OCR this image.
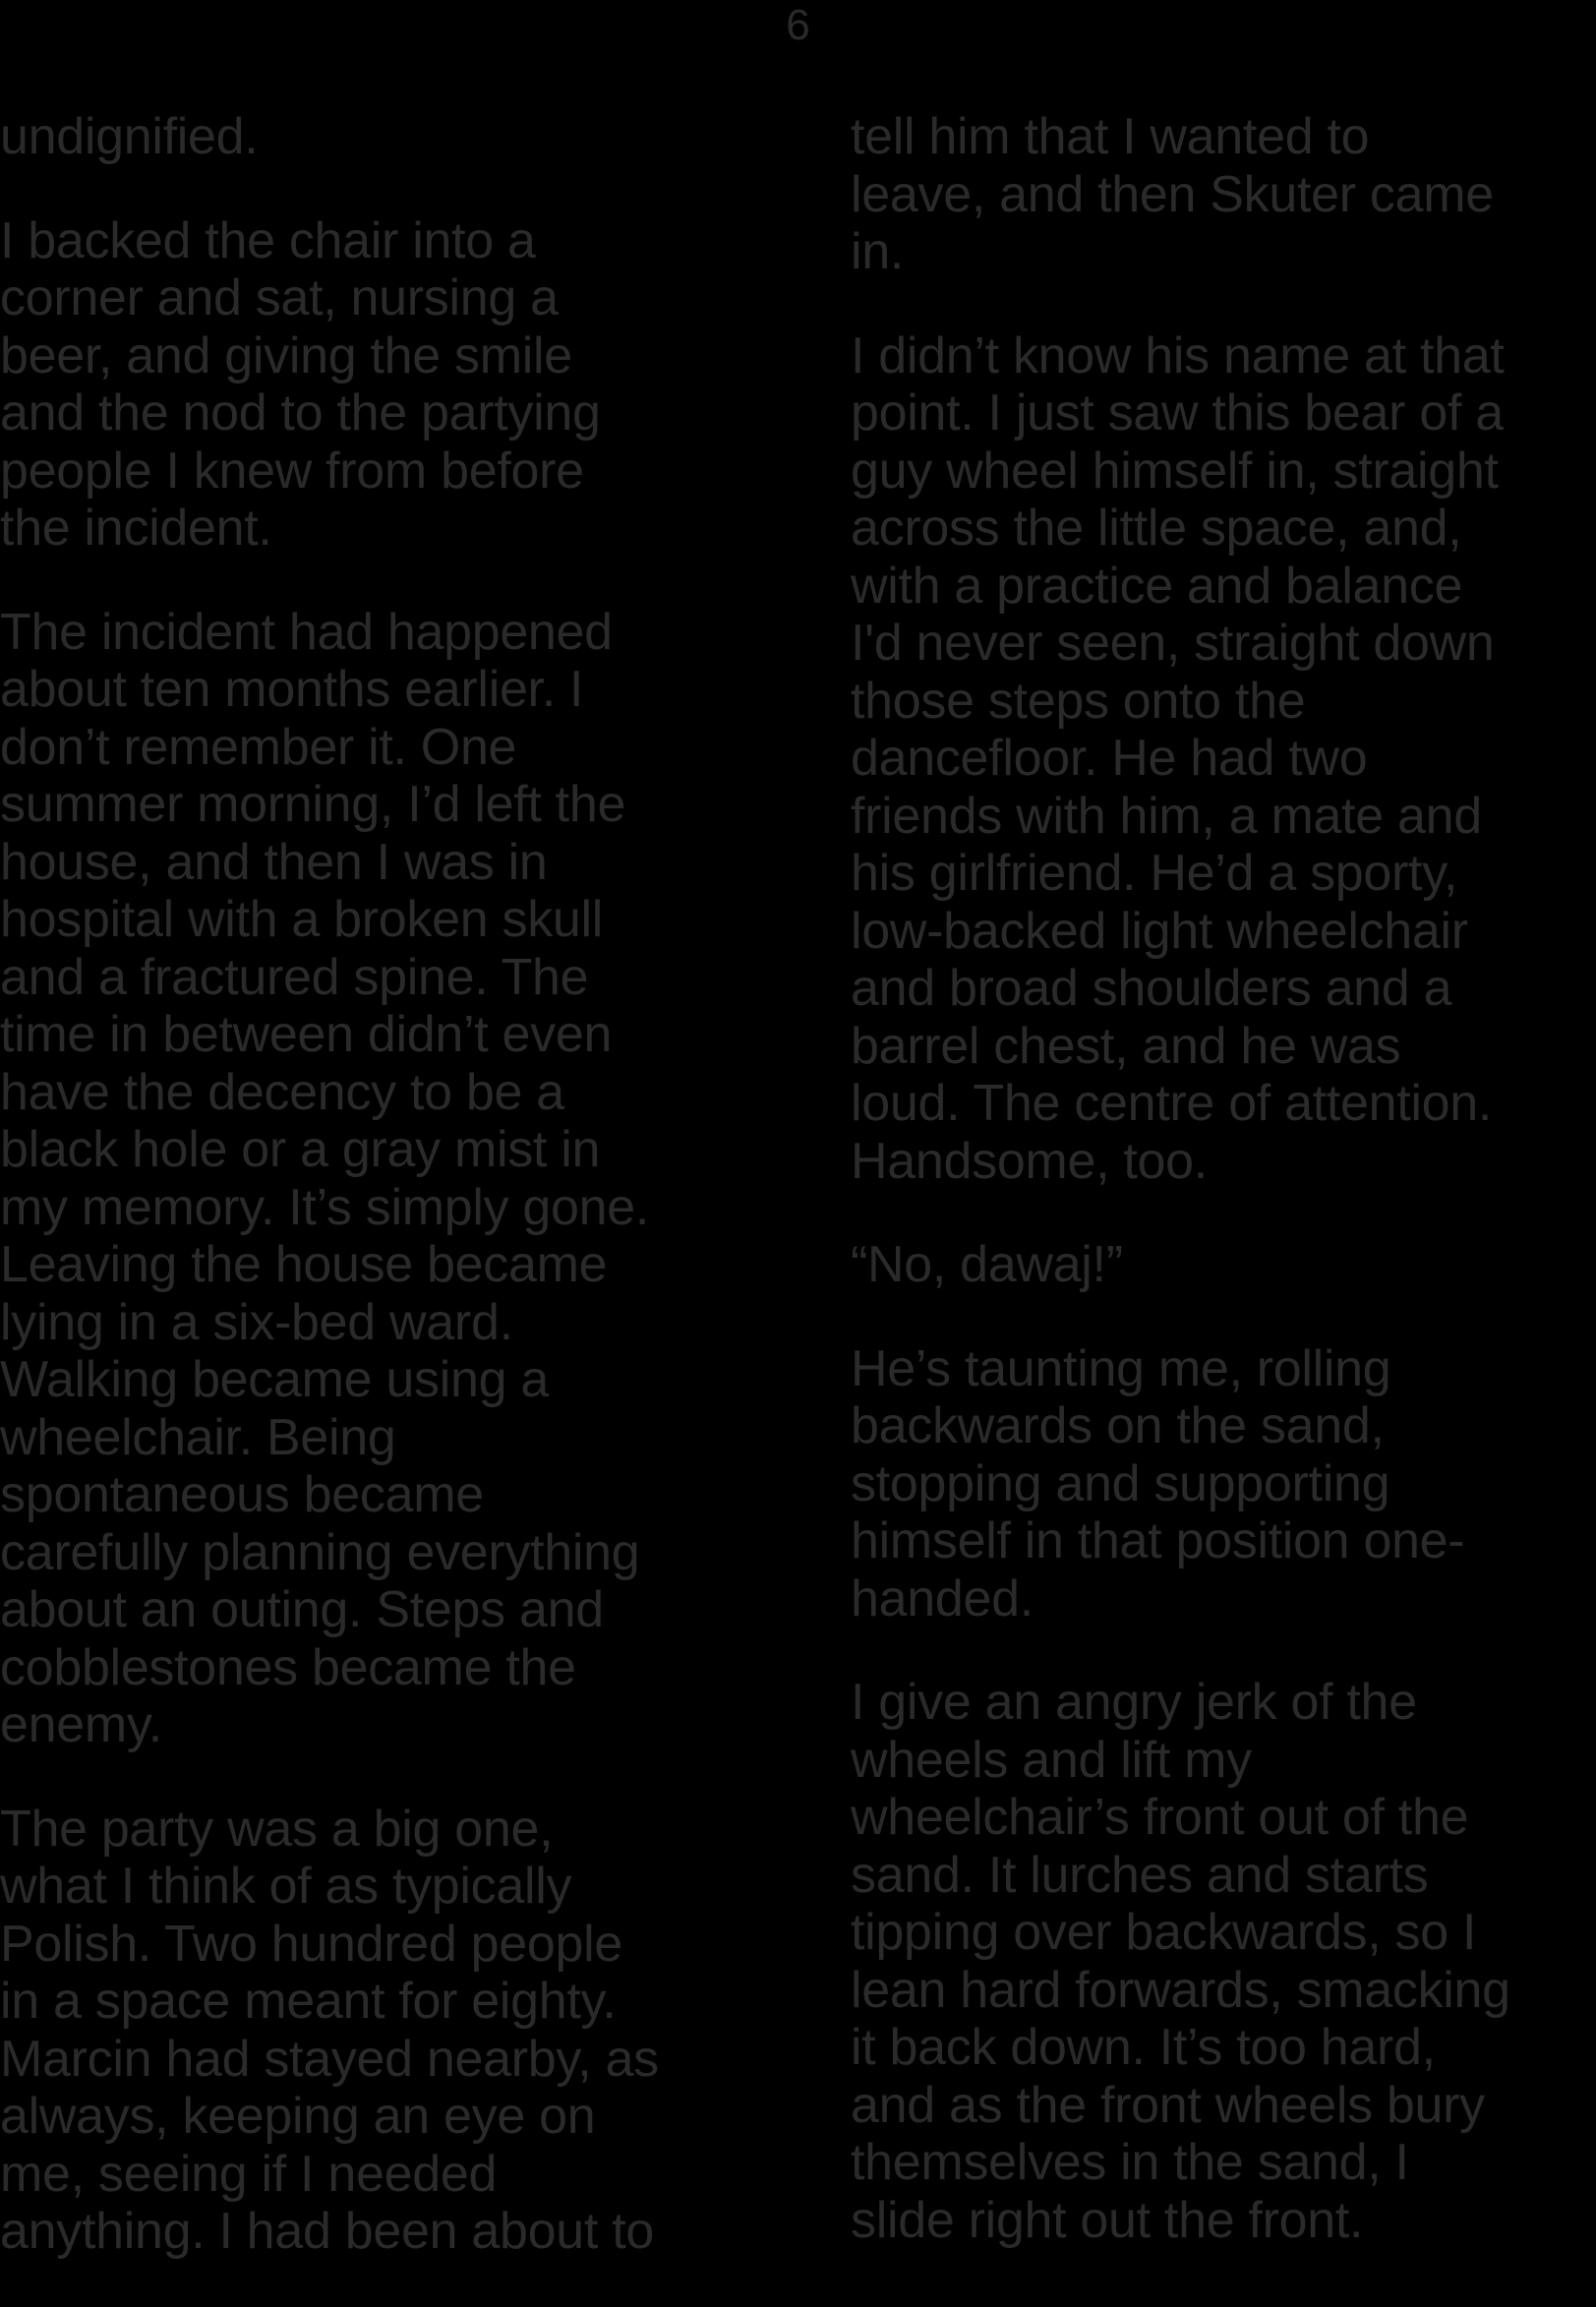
6

undignified.

I backed the chair into a
corner and sat, nursing a
beer, and giving the smile
and the nod to the partying
people I knew from before
the incident.

The incident had happened
about ten months earlier. I
don’t remember it. One
summer morning, I’d left the
house, and then I was in
hospital with a broken skull
and a fractured spine. The
time in between didn’t even
have the decency to be a
black hole or a gray mist in
my memory. It’s simply gone.
Leaving the house became
lying in a six-bed ward.
Walking became using a
wheelchair. Being
spontaneous became
carefully planning everything
about an outing. Steps and
cobblestones became the
enemy.

The party was a big one,
what I think of as typically
Polish. Two hundred people
in a space meant for eighty.
Marcin had stayed nearby, as
always, keeping an eye on
me, seeing if I needed
anything. I had been about to

tell him that I wanted to
leave, and then Skuter came
in.

I didn’t know his name at that
point. I just saw this bear of a
guy wheel himself in, straight
across the little space, and,
with a practice and balance
I'd never seen, straight down
those steps onto the
dancefloor. He had two
friends with him, a mate and
his girlfriend. He’d a sporty,
low-backed light wheelchair
and broad shoulders and a
barrel chest, and he was
loud. The centre of attention.
Handsome, too.

“No, dawaj!”

He’s taunting me, rolling
backwards on the sand,
stopping and supporting
himself in that position one-
handed.

I give an angry jerk of the
wheels and lift my
wheelchair’s front out of the
sand. It lurches and starts
tipping over backwards, so I
lean hard forwards, smacking
it back down. It’s too hard,
and as the front wheels bury
themselves in the sand, I
slide right out the front.
